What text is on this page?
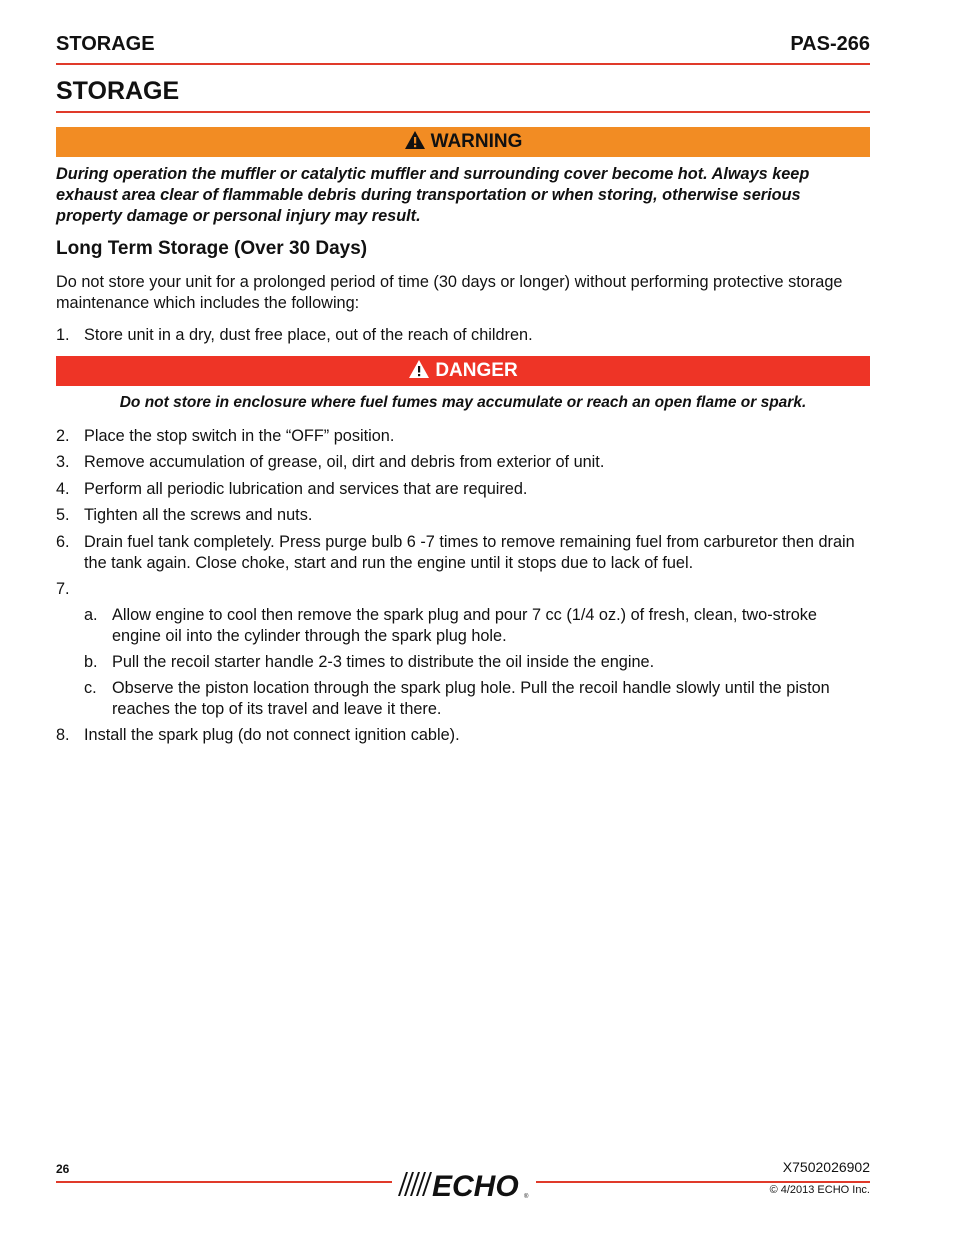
STORAGE	PAS-266
STORAGE
WARNING
During operation the muffler or catalytic muffler and surrounding cover become hot. Always keep exhaust area clear of flammable debris during transportation or when storing, otherwise serious property damage or personal injury may result.
Long Term Storage (Over 30 Days)
Do not store your unit for a prolonged period of time (30 days or longer) without performing protective storage maintenance which includes the following:
1. Store unit in a dry, dust free place, out of the reach of children.
DANGER
Do not store in enclosure where fuel fumes may accumulate or reach an open flame or spark.
2. Place the stop switch in the “OFF” position.
3. Remove accumulation of grease, oil, dirt and debris from exterior of unit.
4. Perform all periodic lubrication and services that are required.
5. Tighten all the screws and nuts.
6. Drain fuel tank completely. Press purge bulb 6 -7 times to remove remaining fuel from carburetor then drain the tank again. Close choke, start and run the engine until it stops due to lack of fuel.
7.
a. Allow engine to cool then remove the spark plug and pour 7 cc (1/4 oz.) of fresh, clean, two-stroke engine oil into the cylinder through the spark plug hole.
b. Pull the recoil starter handle 2-3 times to distribute the oil inside the engine.
c. Observe the piston location through the spark plug hole. Pull the recoil handle slowly until the piston reaches the top of its travel and leave it there.
8. Install the spark plug (do not connect ignition cable).
26
ECHO ®
X7502026902
© 4/2013 ECHO Inc.
